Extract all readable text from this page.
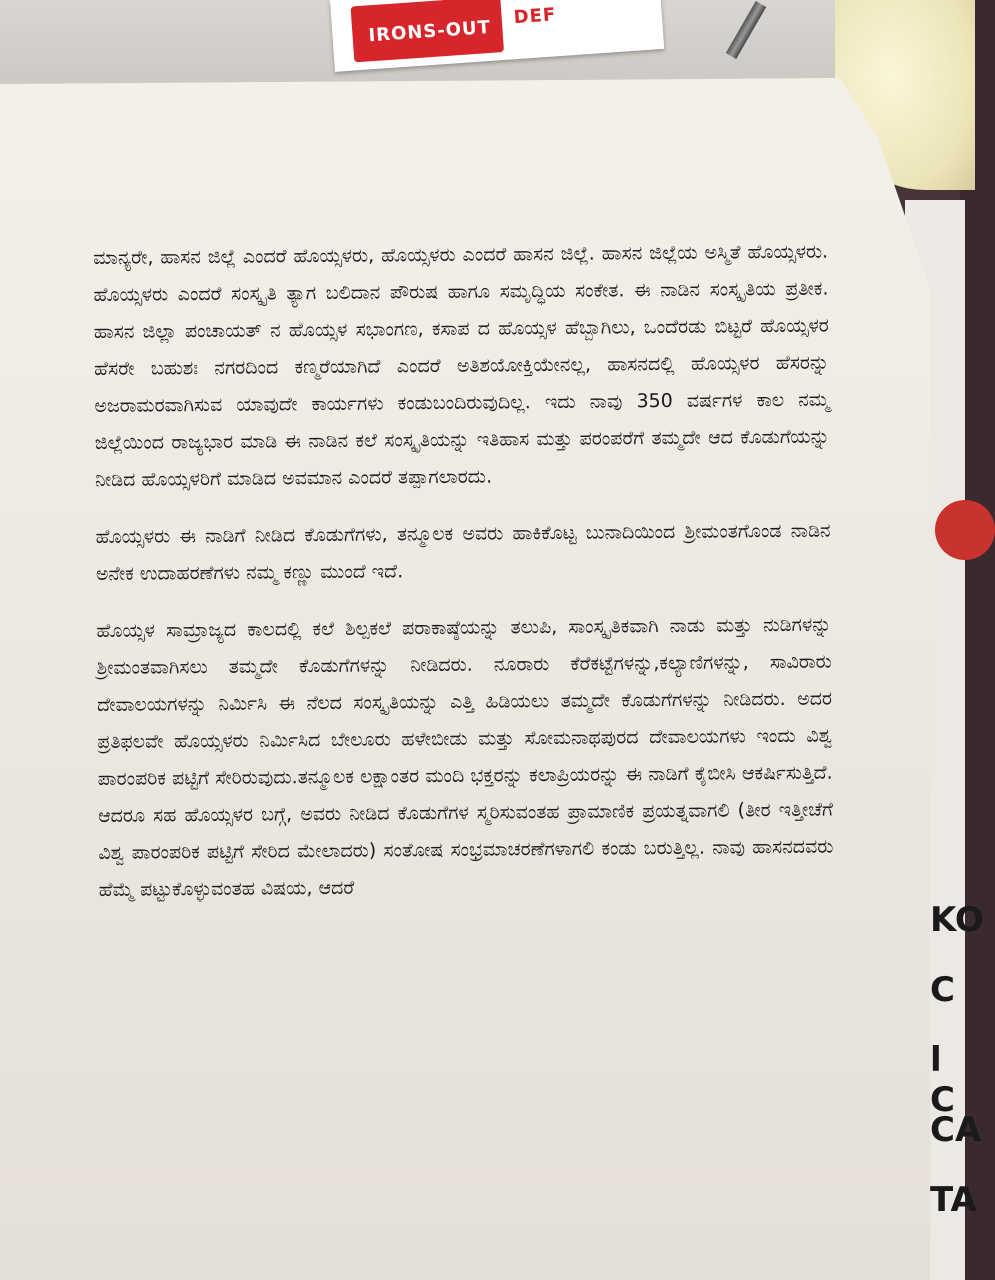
IRONS-OUT
DEF
KO
C
l C
CA
TA

ಮಾನ್ಯರೇ, ಹಾಸನ ಜಿಲ್ಲೆ ಎಂದರೆ ಹೊಯ್ಸಳರು, ಹೊಯ್ಸಳರು ಎಂದರೆ ಹಾಸನ ಜಿಲ್ಲೆ. ಹಾಸನ ಜಿಲ್ಲೆಯ ಅಸ್ಮಿತೆ ಹೊಯ್ಸಳರು. ಹೊಯ್ಸಳರು ಎಂದರೆ ಸಂಸ್ಕೃತಿ ತ್ಯಾಗ ಬಲಿದಾನ ಪೌರುಷ ಹಾಗೂ ಸಮೃದ್ಧಿಯ ಸಂಕೇತ. ಈ ನಾಡಿನ ಸಂಸ್ಕೃತಿಯ ಪ್ರತೀಕ. ಹಾಸನ ಜಿಲ್ಲಾ ಪಂಚಾಯತ್ ನ ಹೊಯ್ಸಳ ಸಭಾಂಗಣ, ಕಸಾಪ ದ ಹೊಯ್ಸಳ ಹೆಬ್ಬಾಗಿಲು, ಒಂದೆರಡು ಬಿಟ್ಟರೆ ಹೊಯ್ಸಳರ ಹೆಸರೇ ಬಹುಶಃ ನಗರದಿಂದ ಕಣ್ಮರೆಯಾಗಿದೆ ಎಂದರೆ ಅತಿಶಯೋಕ್ತಿಯೇನಲ್ಲ, ಹಾಸನದಲ್ಲಿ ಹೊಯ್ಸಳರ ಹೆಸರನ್ನು ಅಜರಾಮರವಾಗಿಸುವ ಯಾವುದೇ ಕಾರ್ಯಗಳು ಕಂಡುಬಂದಿರುವುದಿಲ್ಲ. ಇದು ನಾವು 350 ವರ್ಷಗಳ ಕಾಲ ನಮ್ಮ ಜಿಲ್ಲೆಯಿಂದ ರಾಜ್ಯಭಾರ ಮಾಡಿ ಈ ನಾಡಿನ ಕಲೆ ಸಂಸ್ಕೃತಿಯನ್ನು ಇತಿಹಾಸ ಮತ್ತು ಪರಂಪರೆಗೆ ತಮ್ಮದೇ ಆದ ಕೊಡುಗೆಯನ್ನು ನೀಡಿದ ಹೊಯ್ಸಳರಿಗೆ ಮಾಡಿದ ಅವಮಾನ ಎಂದರೆ ತಪ್ಪಾಗಲಾರದು.

ಹೊಯ್ಸಳರು ಈ ನಾಡಿಗೆ ನೀಡಿದ ಕೊಡುಗೆಗಳು, ತನ್ಮೂಲಕ ಅವರು ಹಾಕಿಕೊಟ್ಟ ಬುನಾದಿಯಿಂದ ಶ್ರೀಮಂತಗೊಂಡ ನಾಡಿನ ಅನೇಕ ಉದಾಹರಣೆಗಳು ನಮ್ಮ ಕಣ್ಣು ಮುಂದೆ ಇದೆ.

ಹೊಯ್ಸಳ ಸಾಮ್ರಾಜ್ಯದ ಕಾಲದಲ್ಲಿ ಕಲೆ ಶಿಲ್ಪಕಲೆ ಪರಾಕಾಷ್ಠೆಯನ್ನು ತಲುಪಿ, ಸಾಂಸ್ಕೃತಿಕವಾಗಿ ನಾಡು ಮತ್ತು ನುಡಿಗಳನ್ನು ಶ್ರೀಮಂತವಾಗಿಸಲು ತಮ್ಮದೇ ಕೊಡುಗೆಗಳನ್ನು ನೀಡಿದರು. ನೂರಾರು ಕೆರೆಕಟ್ಟೆಗಳನ್ನು,ಕಲ್ಯಾಣಿಗಳನ್ನು, ಸಾವಿರಾರು ದೇವಾಲಯಗಳನ್ನು ನಿರ್ಮಿಸಿ ಈ ನೆಲದ ಸಂಸ್ಕೃತಿಯನ್ನು ಎತ್ತಿ ಹಿಡಿಯಲು ತಮ್ಮದೇ ಕೊಡುಗೆಗಳನ್ನು ನೀಡಿದರು. ಅದರ ಪ್ರತಿಫಲವೇ ಹೊಯ್ಸಳರು ನಿರ್ಮಿಸಿದ ಬೇಲೂರು ಹಳೇಬೀಡು ಮತ್ತು ಸೋಮನಾಥಪುರದ ದೇವಾಲಯಗಳು ಇಂದು ವಿಶ್ವ ಪಾರಂಪರಿಕ ಪಟ್ಟಿಗೆ ಸೇರಿರುವುದು.ತನ್ಮೂಲಕ ಲಕ್ಷಾಂತರ ಮಂದಿ ಭಕ್ತರನ್ನು ಕಲಾಪ್ರಿಯರನ್ನು ಈ ನಾಡಿಗೆ ಕೈಬೀಸಿ ಆಕರ್ಷಿಸುತ್ತಿದೆ. ಆದರೂ ಸಹ ಹೊಯ್ಸಳರ ಬಗ್ಗೆ, ಅವರು ನೀಡಿದ ಕೊಡುಗೆಗಳ ಸ್ಮರಿಸುವಂತಹ ಪ್ರಾಮಾಣಿಕ ಪ್ರಯತ್ನವಾಗಲಿ (ತೀರ ಇತ್ತೀಚೆಗೆ ವಿಶ್ವ ಪಾರಂಪರಿಕ ಪಟ್ಟಿಗೆ ಸೇರಿದ ಮೇಲಾದರು) ಸಂತೋಷ ಸಂಭ್ರಮಾಚರಣೆಗಳಾಗಲಿ ಕಂಡು ಬರುತ್ತಿಲ್ಲ. ನಾವು ಹಾಸನದವರು ಹೆಮ್ಮೆ ಪಟ್ಟುಕೊಳ್ಳುವಂತಹ ವಿಷಯ, ಆದರೆ
